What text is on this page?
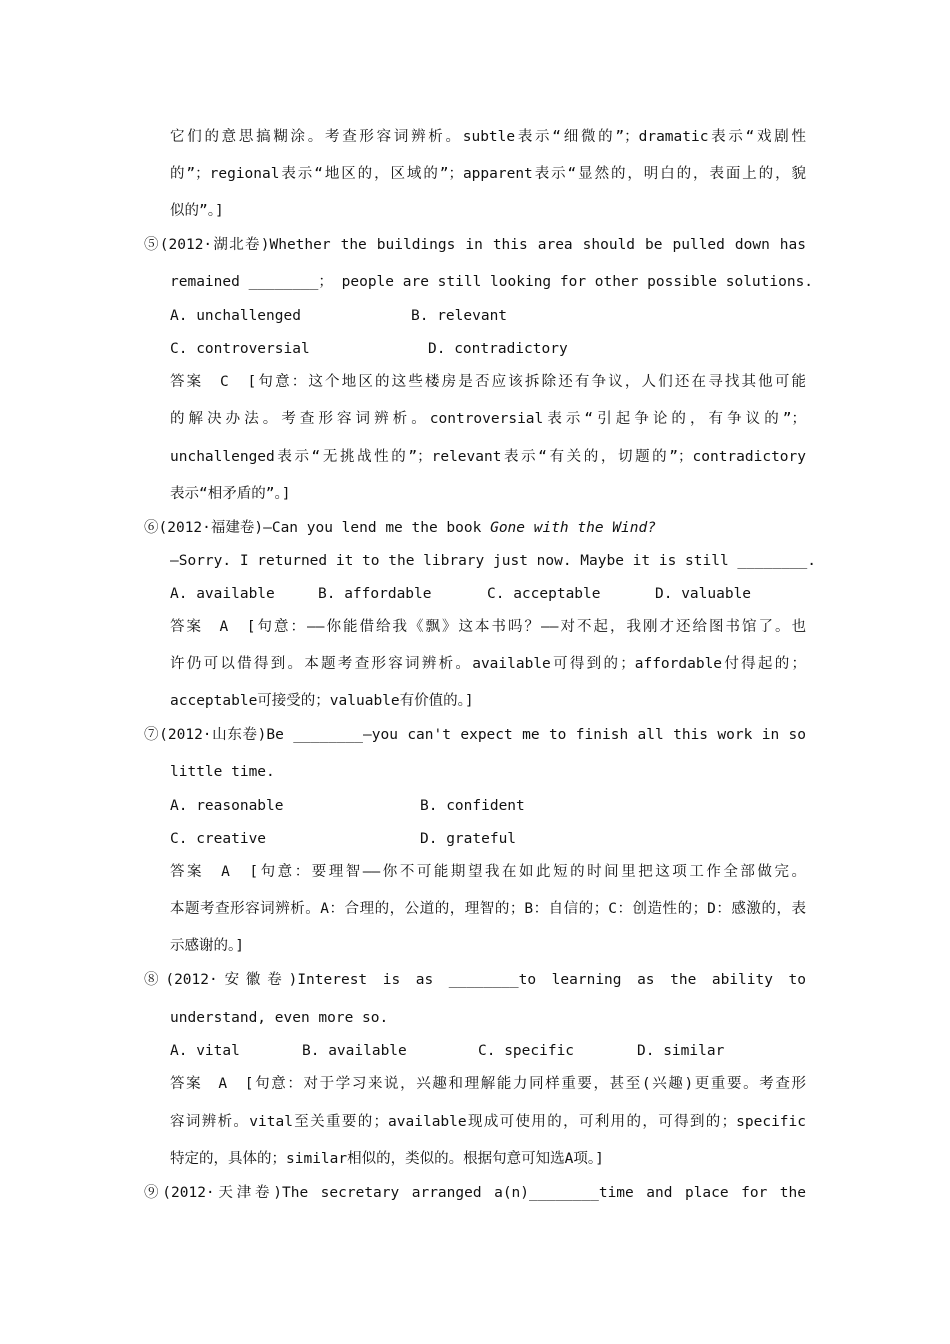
它们的意思搞糊涂。考查形容词辨析。subtle表示“细微的”；dramatic表示“戏剧性
的”；regional表示“地区的，区域的”；apparent表示“显然的，明白的，表面上的，貌
似的”。]
⑤(2012·湖北卷)Whether the buildings in this area should be pulled down has
remained ________； people are still looking for other possible solutions.
A. unchallenged	B. relevant
C. controversial	D. contradictory
答案　C　[句意：这个地区的这些楼房是否应该拆除还有争议，人们还在寻找其他可能
的解决办法。考查形容词辨析。controversial表示“引起争论的，有争议的”；
unchallenged表示“无挑战性的”；relevant表示“有关的，切题的”；contradictory
表示“相矛盾的”。]
⑥(2012·福建卷)—Can you lend me the book Gone with the Wind?
—Sorry. I returned it to the library just now. Maybe it is still ________.
A. available	B. affordable	C. acceptable	D. valuable
答案　A　[句意：——你能借给我《飘》这本书吗？——对不起，我刚才还给图书馆了。也
许仍可以借得到。本题考查形容词辨析。available可得到的；affordable付得起的；
acceptable可接受的；valuable有价值的。]
⑦(2012·山东卷)Be ________—you can't expect me to finish all this work in so
little time.
A. reasonable	B. confident
C. creative	D. grateful
答案　A　[句意：要理智——你不可能期望我在如此短的时间里把这项工作全部做完。
本题考查形容词辨析。A：合理的，公道的，理智的；B：自信的；C：创造性的；D：感激的，表
示感谢的。]
⑧(2012·安徽卷)Interest is as ________to learning as the ability to
understand, even more so.
A. vital	B. available	C. specific	D. similar
答案　A　[句意：对于学习来说，兴趣和理解能力同样重要，甚至(兴趣)更重要。考查形
容词辨析。vital至关重要的；available现成可使用的，可利用的，可得到的；specific
特定的，具体的；similar相似的，类似的。根据句意可知选A项。]
⑨(2012·天津卷)The secretary arranged a(n)________time and place for the
